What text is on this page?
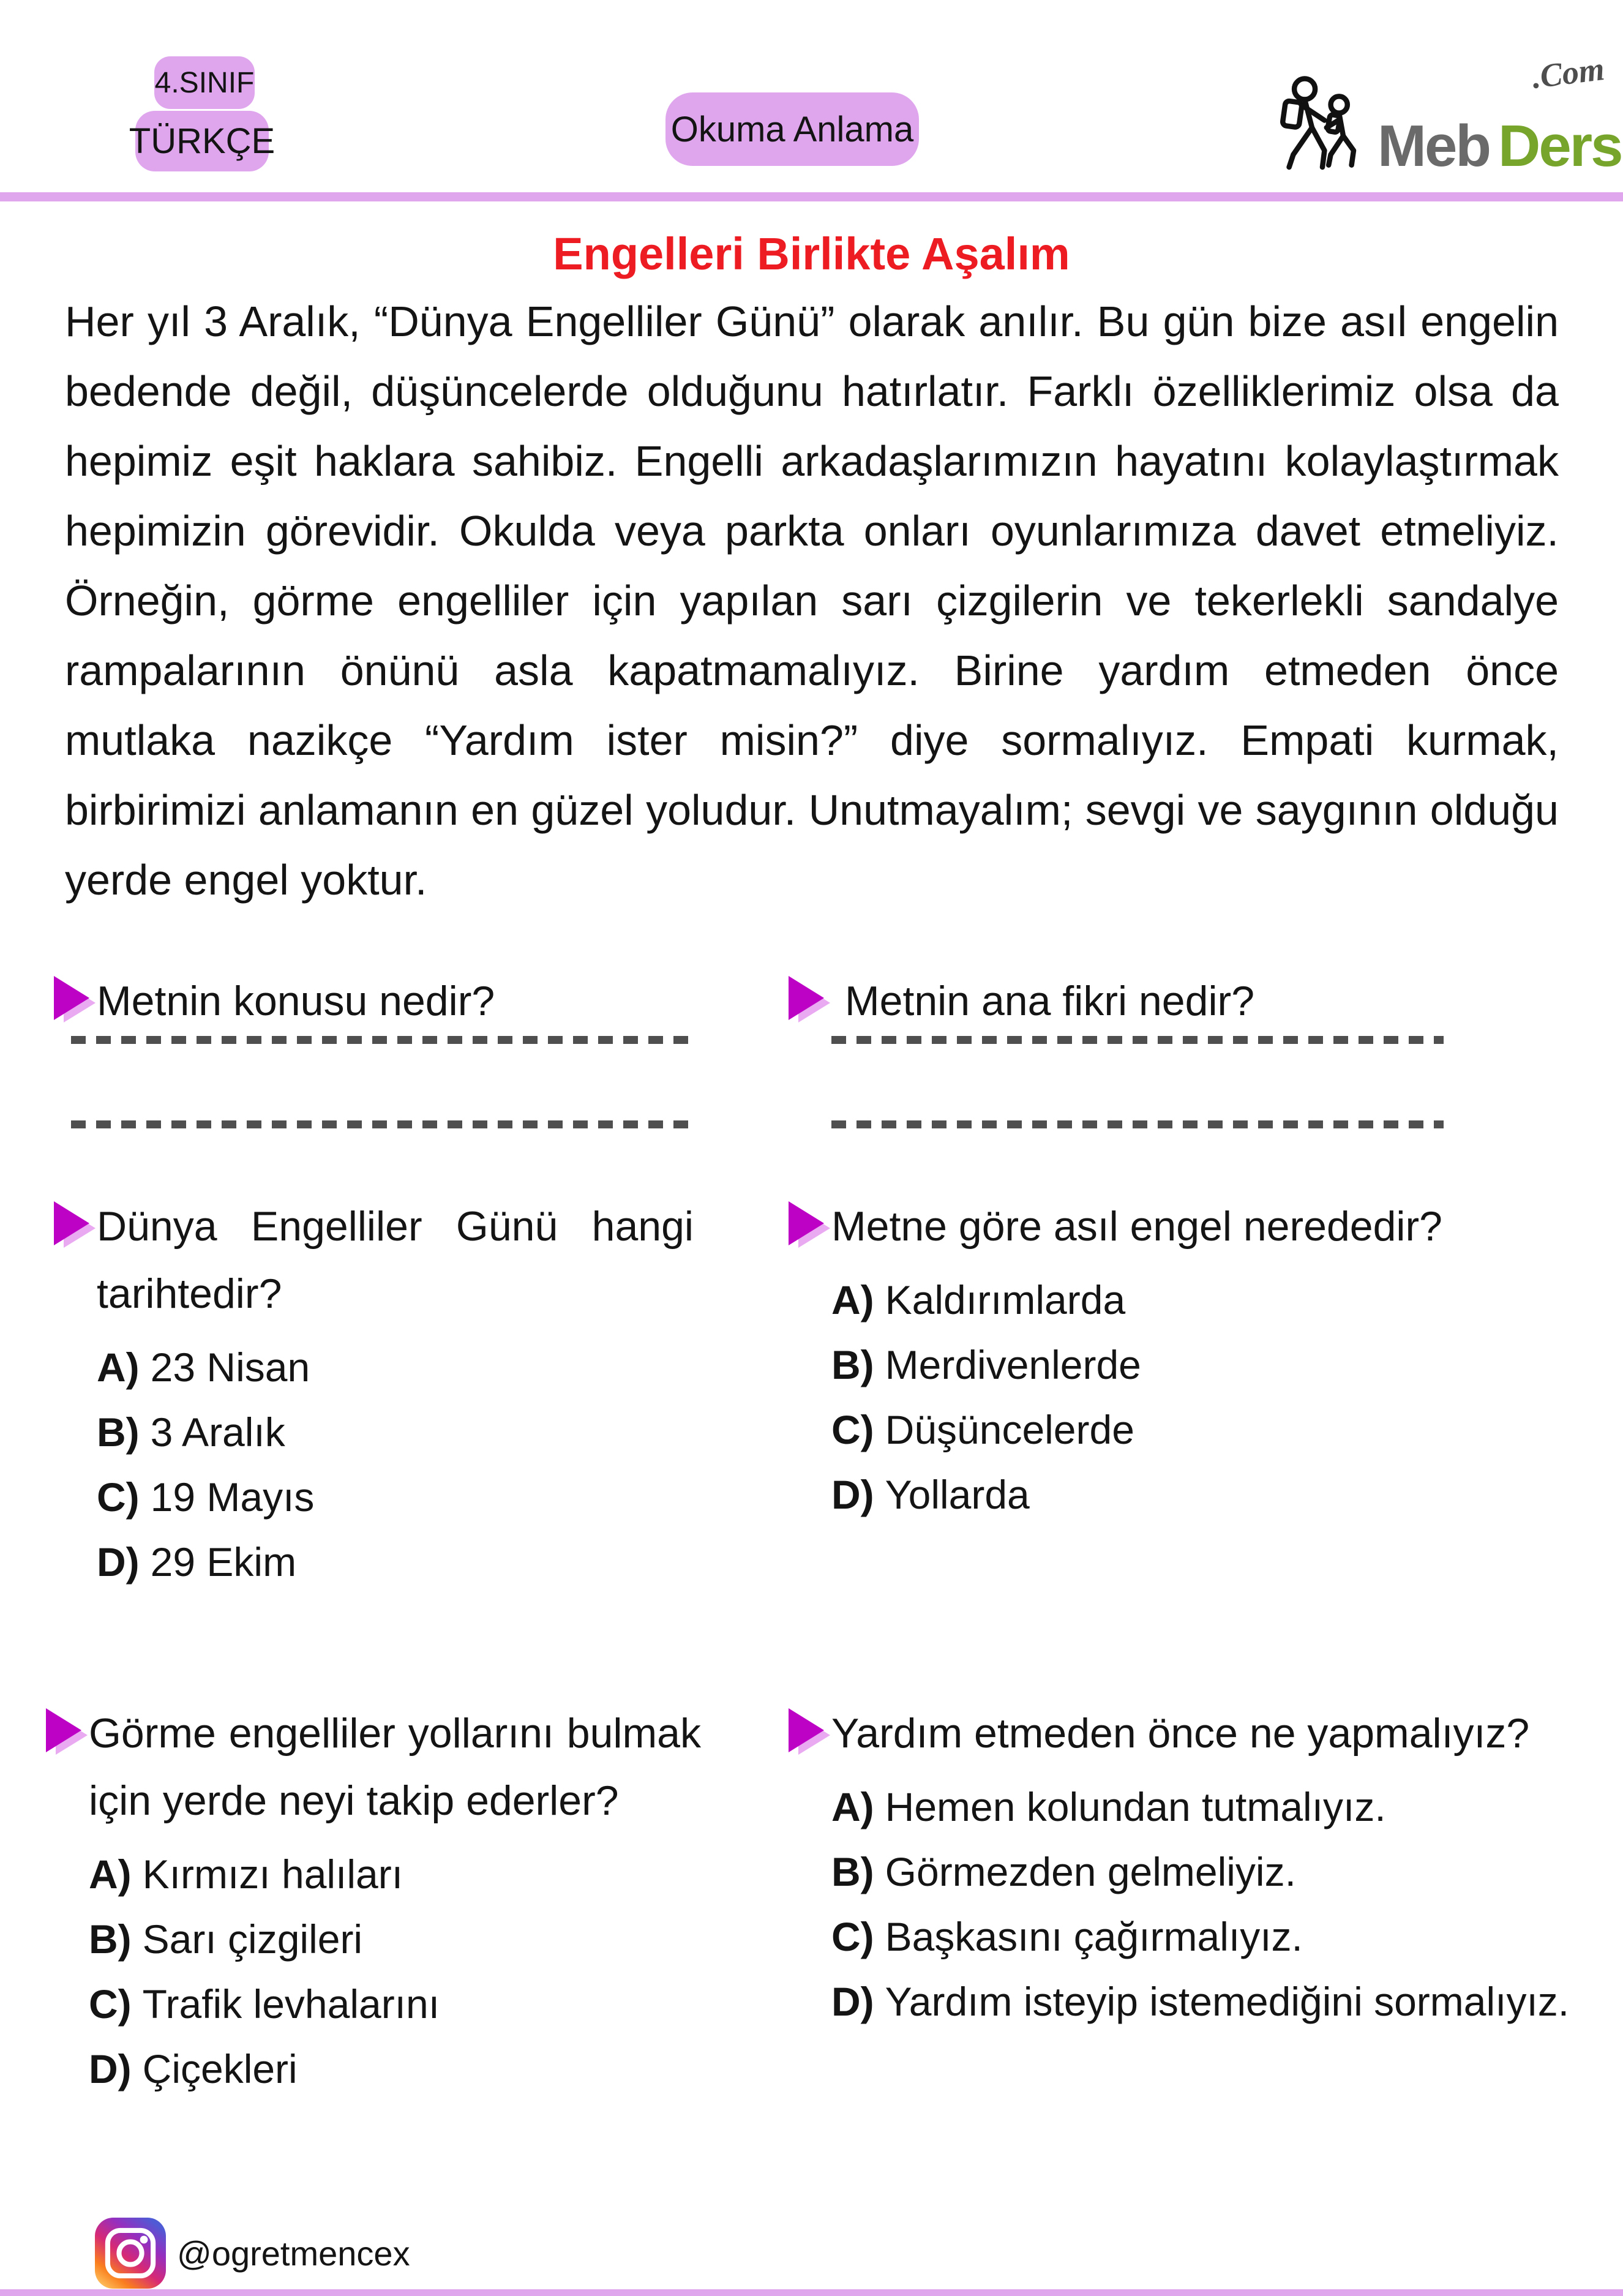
4.SINIF
TÜRKÇE	Okuma Anlama
.Com
Meb Ders
Engelleri Birlikte Aşalım

Her yıl 3 Aralık, “Dünya Engelliler Günü” olarak anılır. Bu gün bize asıl engelin bedende değil, düşüncelerde olduğunu hatırlatır. Farklı özelliklerimiz olsa da hepimiz eşit haklara sahibiz. Engelli arkadaşlarımızın hayatını kolaylaştırmak hepimizin görevidir. Okulda veya parkta onları oyunlarımıza davet etmeliyiz. Örneğin, görme engelliler için yapılan sarı çizgilerin ve tekerlekli sandalye rampalarının önünü asla kapatmamalıyız. Birine yardım etmeden önce mutlaka nazikçe “Yardım ister misin?” diye sormalıyız. Empati kurmak, birbirimizi anlamanın en güzel yoludur. Unutmayalım; sevgi ve saygının olduğu yerde engel yoktur.

Metnin konusu nedir?	Metnin ana fikri nedir?

Dünya Engelliler Günü hangi tarihtedir?

A) 23 Nisan
B) 3 Aralık
C) 19 Mayıs
D) 29 Ekim

Metne göre asıl engel nerededir?

A) Kaldırımlarda
B) Merdivenlerde
C) Düşüncelerde
D) Yollarda

Görme engelliler yollarını bulmak için yerde neyi takip ederler?

A) Kırmızı halıları
B) Sarı çizgileri
C) Trafik levhalarını
D) Çiçekleri

Yardım etmeden önce ne yapmalıyız?

A) Hemen kolundan tutmalıyız.
B) Görmezden gelmeliyiz.
C) Başkasını çağırmalıyız.
D) Yardım isteyip istemediğini sormalıyız.
@ogretmencex
